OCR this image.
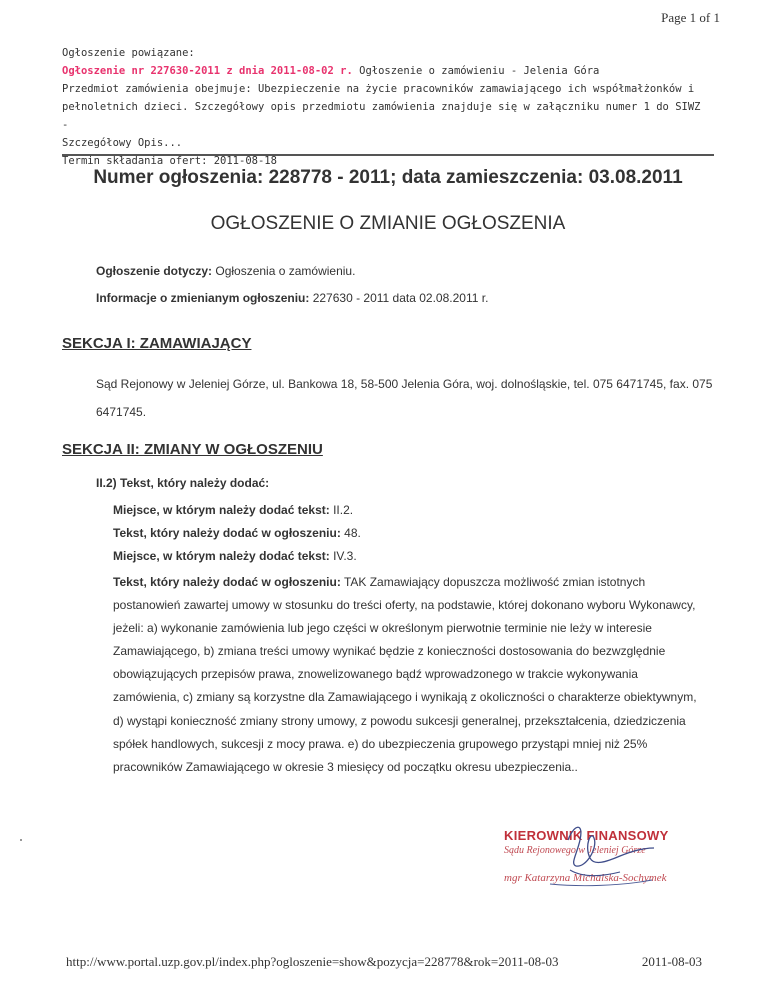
Page 1 of 1
Ogłoszenie powiązane:
Ogłoszenie nr 227630-2011 z dnia 2011-08-02 r. Ogłoszenie o zamówieniu - Jelenia Góra
Przedmiot zamówienia obejmuje: Ubezpieczenie na życie pracowników zamawiającego ich współmałżonków i
pełnoletnich dzieci. Szczegółowy opis przedmiotu zamówienia znajduje się w załączniku numer 1 do SIWZ -
Szczegółowy Opis...
Termin składania ofert: 2011-08-18
Numer ogłoszenia: 228778 - 2011; data zamieszczenia: 03.08.2011
OGŁOSZENIE O ZMIANIE OGŁOSZENIA
Ogłoszenie dotyczy: Ogłoszenia o zamówieniu.
Informacje o zmienianym ogłoszeniu: 227630 - 2011 data 02.08.2011 r.
SEKCJA I: ZAMAWIAJĄCY
Sąd Rejonowy w Jeleniej Górze, ul. Bankowa 18, 58-500 Jelenia Góra, woj. dolnośląskie, tel. 075 6471745, fax. 075 6471745.
SEKCJA II: ZMIANY W OGŁOSZENIU
II.2) Tekst, który należy dodać:
Miejsce, w którym należy dodać tekst: II.2.
Tekst, który należy dodać w ogłoszeniu: 48.
Miejsce, w którym należy dodać tekst: IV.3.
Tekst, który należy dodać w ogłoszeniu: TAK Zamawiający dopuszcza możliwość zmian istotnych postanowień zawartej umowy w stosunku do treści oferty, na podstawie, której dokonano wyboru Wykonawcy, jeżeli: a) wykonanie zamówienia lub jego części w określonym pierwotnie terminie nie leży w interesie Zamawiającego, b) zmiana treści umowy wynikać będzie z konieczności dostosowania do bezwzględnie obowiązujących przepisów prawa, znowelizowanego bądź wprowadzonego w trakcie wykonywania zamówienia, c) zmiany są korzystne dla Zamawiającego i wynikają z okoliczności o charakterze obiektywnym, d) wystąpi konieczność zmiany strony umowy, z powodu sukcesji generalnej, przekształcenia, dziedziczenia spółek handlowych, sukcesji z mocy prawa. e) do ubezpieczenia grupowego przystąpi mniej niż 25% pracowników Zamawiającego w okresie 3 miesięcy od początku okresu ubezpieczenia..
KIEROWNIK FINANSOWY
Sądu Rejonowego w Jeleniej Górze
mgr Katarzyna Michalska-Sochymek
http://www.portal.uzp.gov.pl/index.php?ogloszenie=show&pozycja=228778&rok=2011-08-03	2011-08-03
